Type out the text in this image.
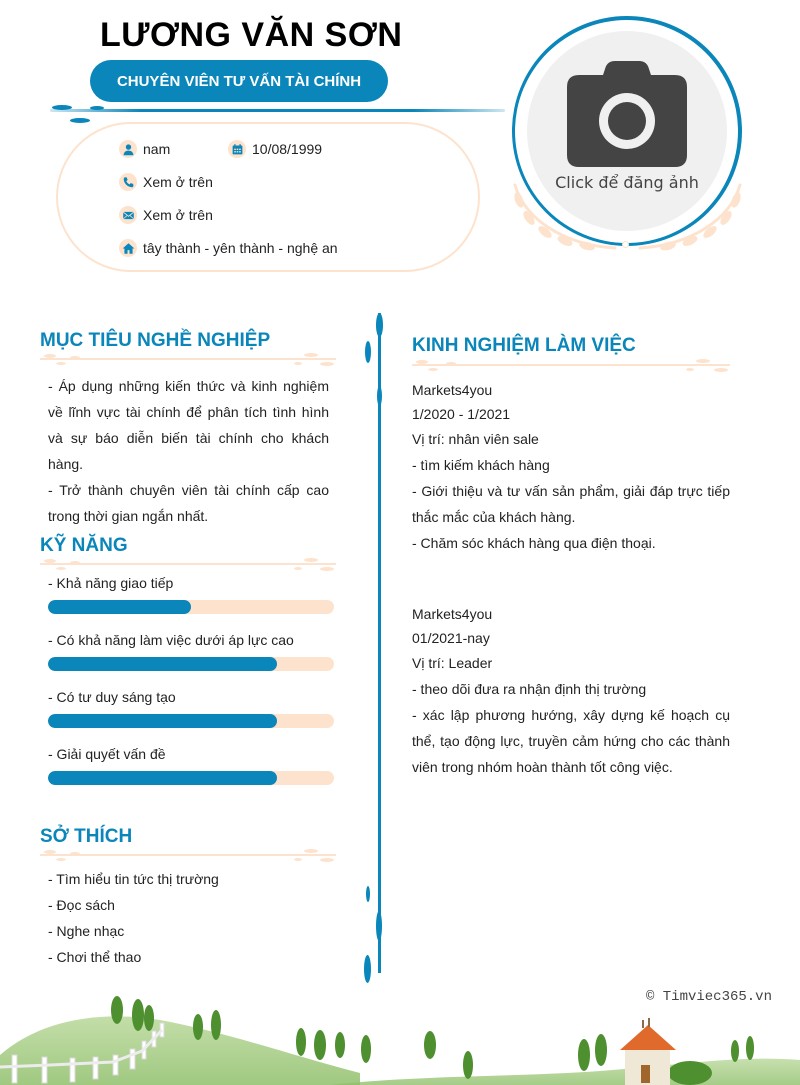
LƯƠNG VĂN SƠN
CHUYÊN VIÊN TƯ VẤN TÀI CHÍNH
nam	10/08/1999
Xem ở trên
Xem ở trên
tây thành - yên thành - nghệ an
Click để đăng ảnh
MỤC TIÊU NGHỀ NGHIỆP

- Áp dụng những kiến thức và kinh nghiệm về lĩnh vực tài chính để phân tích tình hình và sự báo diễn biến tài chính cho khách hàng.

- Trở thành chuyên viên tài chính cấp cao trong thời gian ngắn nhất.

KỸ NĂNG
- Khả năng giao tiếp
- Có khả năng làm việc dưới áp lực cao
- Có tư duy sáng tạo
- Giải quyết vấn đề
SỞ THÍCH
- Tìm hiểu tin tức thị trường
- Đọc sách
- Nghe nhạc
- Chơi thể thao
KINH NGHIỆM LÀM VIỆC
Markets4you
1/2020 - 1/2021
Vị trí: nhân viên sale
- tìm kiếm khách hàng
- Giới thiệu và tư vấn sản phẩm, giải đáp trực tiếp thắc mắc của khách hàng.
- Chăm sóc khách hàng qua điện thoại.
Markets4you
01/2021-nay
Vị trí: Leader
- theo dõi đưa ra nhận định thị trường
- xác lập phương hướng, xây dựng kế hoạch cụ thể, tạo động lực, truyền cảm hứng cho các thành viên trong nhóm hoàn thành tốt công việc.
© Timviec365.vn
